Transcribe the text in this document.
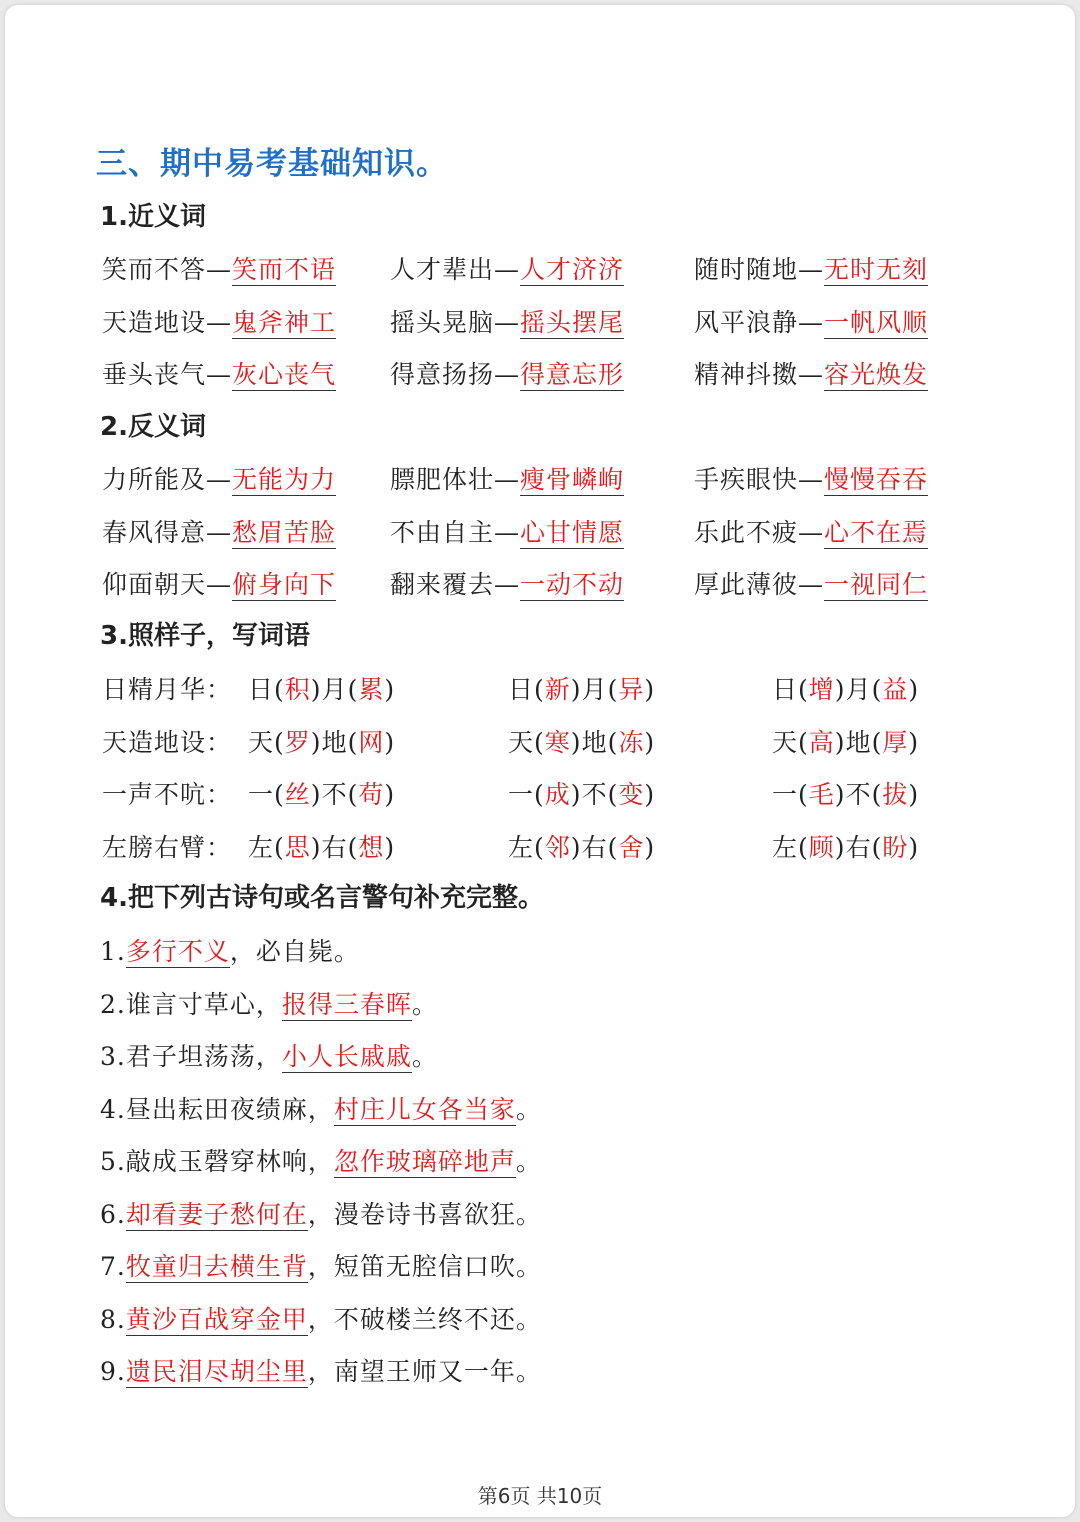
三、期中易考基础知识。
1.近义词
笑而不答—笑而不语 人才辈出—人才济济	随时随地—无时无刻
天造地设—鬼斧神工 摇头晃脑—摇头摆尾	风平浪静—一帆风顺
垂头丧气—灰心丧气 得意扬扬—得意忘形	精神抖擞—容光焕发
2.反义词
力所能及—无能为力 膘肥体壮—瘦骨嶙峋	手疾眼快—慢慢吞吞
春风得意—愁眉苦脸 不由自主—心甘情愿	乐此不疲—心不在焉
仰面朝天—俯身向下 翻来覆去—一动不动	厚此薄彼—一视同仁
3.照样子，写词语
日精月华： 日(积)月(累)	日(新)月(异)	日(增)月(益)
天造地设： 天(罗)地(网)	天(寒)地(冻)	天(高)地(厚)
一声不吭： 一(丝)不(苟)	一(成)不(变)	一(毛)不(拔)
左膀右臂： 左(思)右(想)	左(邻)右(舍)	左(顾)右(盼)
4.把下列古诗句或名言警句补充完整。
1.多行不义，必自毙。
2.谁言寸草心，报得三春晖。
3.君子坦荡荡，小人长戚戚。
4.昼出耘田夜绩麻，村庄儿女各当家。
5.敲成玉磬穿林响，忽作玻璃碎地声。
6.却看妻子愁何在，漫卷诗书喜欲狂。
7.牧童归去横生背，短笛无腔信口吹。
8.黄沙百战穿金甲，不破楼兰终不还。
9.遗民泪尽胡尘里，南望王师又一年。
第6页 共10页
